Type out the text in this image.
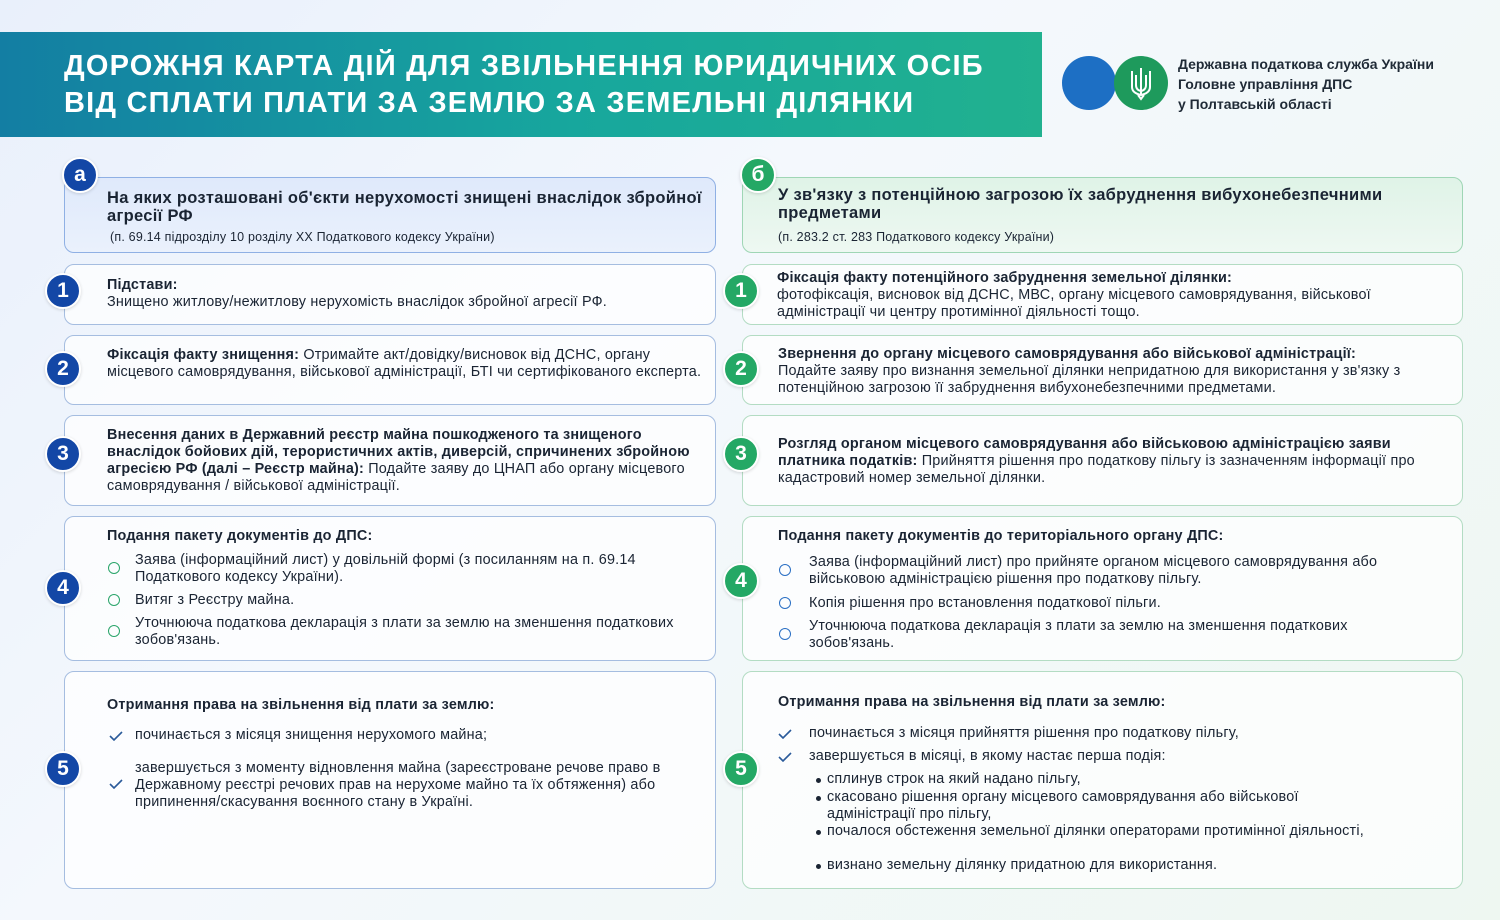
ДОРОЖНЯ КАРТА ДІЙ ДЛЯ ЗВІЛЬНЕННЯ ЮРИДИЧНИХ ОСІБ
ВІД СПЛАТИ ПЛАТИ ЗА ЗЕМЛЮ ЗА ЗЕМЕЛЬНІ ДІЛЯНКИ
Державна податкова служба України
Головне управління ДПС
у Полтавській області
На яких розташовані об'єкти нерухомості знищені внаслідок збройної агресії РФ
(п. 69.14 підрозділу 10 розділу ХХ Податкового кодексу України)
а
Підстави:
Знищено житлову/нежитлову нерухомість внаслідок збройної агресії РФ.
1
Фіксація факту знищення: Отримайте акт/довідку/висновок від ДСНС, органу місцевого самоврядування, військової адміністрації, БТІ чи сертифікованого експерта.
2
Внесення даних в Державний реєстр майна пошкодженого та знищеного внаслідок бойових дій, терористичних актів, диверсій, спричинених збройною агресією РФ (далі – Реєстр майна): Подайте заяву до ЦНАП або органу місцевого самоврядування / військової адміністрації.
3
Подання пакету документів до ДПС:
Заява (інформаційний лист) у довільній формі (з посиланням на п. 69.14 Податкового кодексу України).
Витяг з Реєстру майна.
Уточнююча податкова декларація з плати за землю на зменшення податкових зобов'язань.
4
Отримання права на звільнення від плати за землю:
починається з місяця знищення нерухомого майна;
завершується з моменту відновлення майна (зареєстроване речове право в Державному реєстрі речових прав на нерухоме майно та їх обтяження) або припинення/скасування воєнного стану в Україні.
5
У зв'язку з потенційною загрозою їх забруднення вибухонебезпечними предметами
(п. 283.2 ст. 283 Податкового кодексу України)
б
Фіксація факту потенційного забруднення земельної ділянки:
фотофіксація, висновок від ДСНС, МВС, органу місцевого самоврядування, військової адміністрації чи центру протимінної діяльності тощо.
1
Звернення до органу місцевого самоврядування або військової адміністрації:
Подайте заяву про визнання земельної ділянки непридатною для використання у зв'язку з потенційною загрозою її забруднення вибухонебезпечними предметами.
2
Розгляд органом місцевого самоврядування або військовою адміністрацією заяви платника податків: Прийняття рішення про податкову пільгу із зазначенням інформації про кадастровий номер земельної ділянки.
3
Подання пакету документів до територіального органу ДПС:
Заява (інформаційний лист) про прийняте органом місцевого самоврядування або військовою адміністрацією рішення про податкову пільгу.
Копія рішення про встановлення податкової пільги.
Уточнююча податкова декларація з плати за землю на зменшення податкових зобов'язань.
4
Отримання права на звільнення від плати за землю:
починається з місяця прийняття рішення про податкову пільгу,
завершується в місяці, в якому настає перша подія:
сплинув строк на який надано пільгу,
скасовано рішення органу місцевого самоврядування або військової адміністрації про пільгу,
почалося обстеження земельної ділянки операторами протимінної діяльності,
визнано земельну ділянку придатною для використання.
5
